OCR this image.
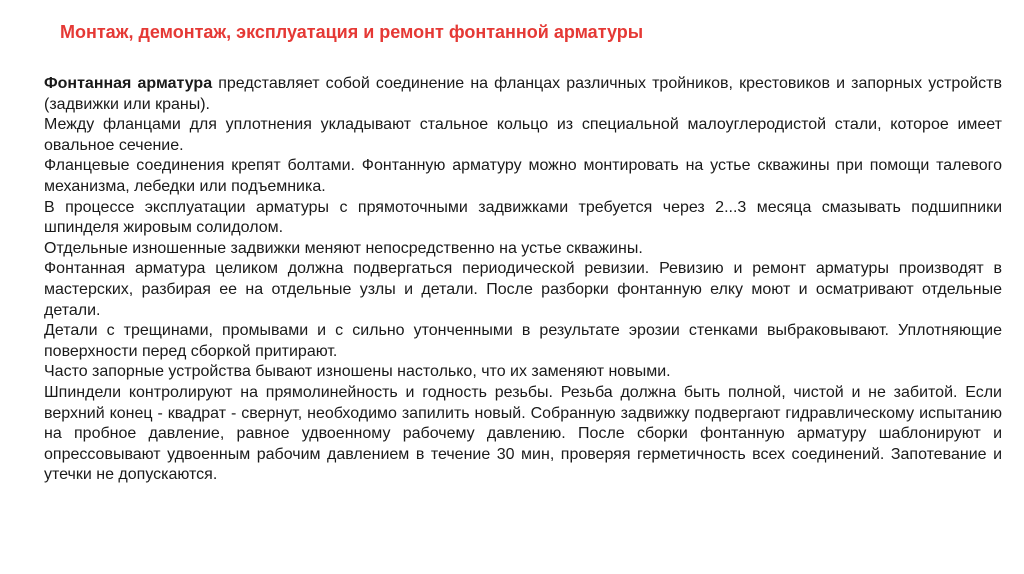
Монтаж, демонтаж, эксплуатация и ремонт фонтанной арматуры

Фонтанная арматура представляет собой соединение на фланцах различных тройников, крестовиков и запорных устройств (задвижки или краны).

Между фланцами для уплотнения укладывают стальное кольцо из специальной малоуглеродистой стали, которое имеет овальное сечение.

Фланцевые соединения крепят болтами. Фонтанную арматуру можно монтировать на устье скважины при помощи талевого механизма, лебедки или подъемника.

В процессе эксплуатации арматуры с прямоточными задвижками требуется через 2...3 месяца смазывать подшипники шпинделя жировым солидолом.

Отдельные изношенные задвижки меняют непосредственно на устье скважины.

Фонтанная арматура целиком должна подвергаться периодической ревизии. Ревизию и ремонт арматуры производят в мастерских, разбирая ее на отдельные узлы и детали. После разборки фонтанную елку моют и осматривают отдельные детали.

Детали с трещинами, промывами и с сильно утонченными в результате эрозии стенками выбраковывают. Уплотняющие поверхности перед сборкой притирают.

Часто запорные устройства бывают изношены настолько, что их заменяют новыми.

Шпиндели контролируют на прямолинейность и годность резьбы. Резьба должна быть полной, чистой и не забитой. Если верхний конец - квадрат - свернут, необходимо запилить новый. Собранную задвижку подвергают гидравлическому испытанию на пробное давление, равное удвоенному рабочему давлению. После сборки фонтанную арматуру шаблонируют и опрессовывают удвоенным рабочим давлением в течение 30 мин, проверяя герметичность всех соединений. Запотевание и утечки не допускаются.
